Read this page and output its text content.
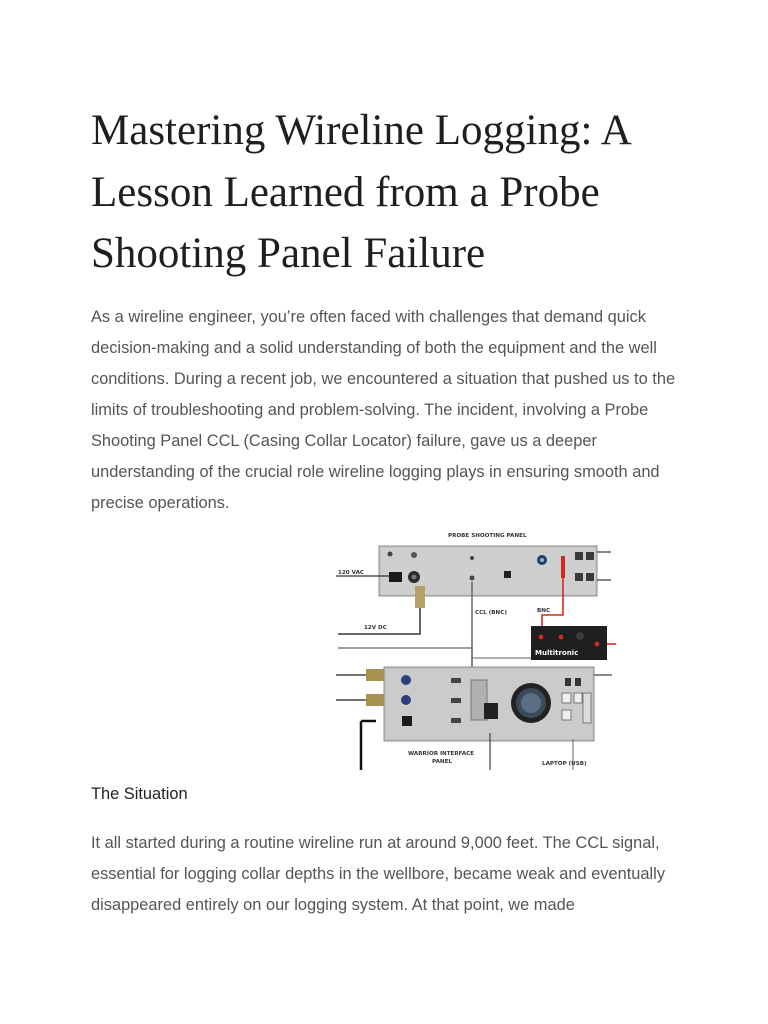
Mastering Wireline Logging: A Lesson Learned from a Probe Shooting Panel Failure

As a wireline engineer, you’re often faced with challenges that demand quick decision-making and a solid understanding of both the equipment and the well conditions. During a recent job, we encountered a situation that pushed us to the limits of troubleshooting and problem-solving. The incident, involving a Probe Shooting Panel CCL (Casing Collar Locator) failure, gave us a deeper understanding of the crucial role wireline logging plays in ensuring smooth and precise operations.

PROBE SHOOTING PANEL
120 VAC
12V DC
CCL (BNC)	BNC
Multitronic
WARRIOR INTERFACE
PANEL	LAPTOP (USB)
The Situation

It all started during a routine wireline run at around 9,000 feet. The CCL signal, essential for logging collar depths in the wellbore, became weak and eventually disappeared entirely on our logging system. At that point, we made
